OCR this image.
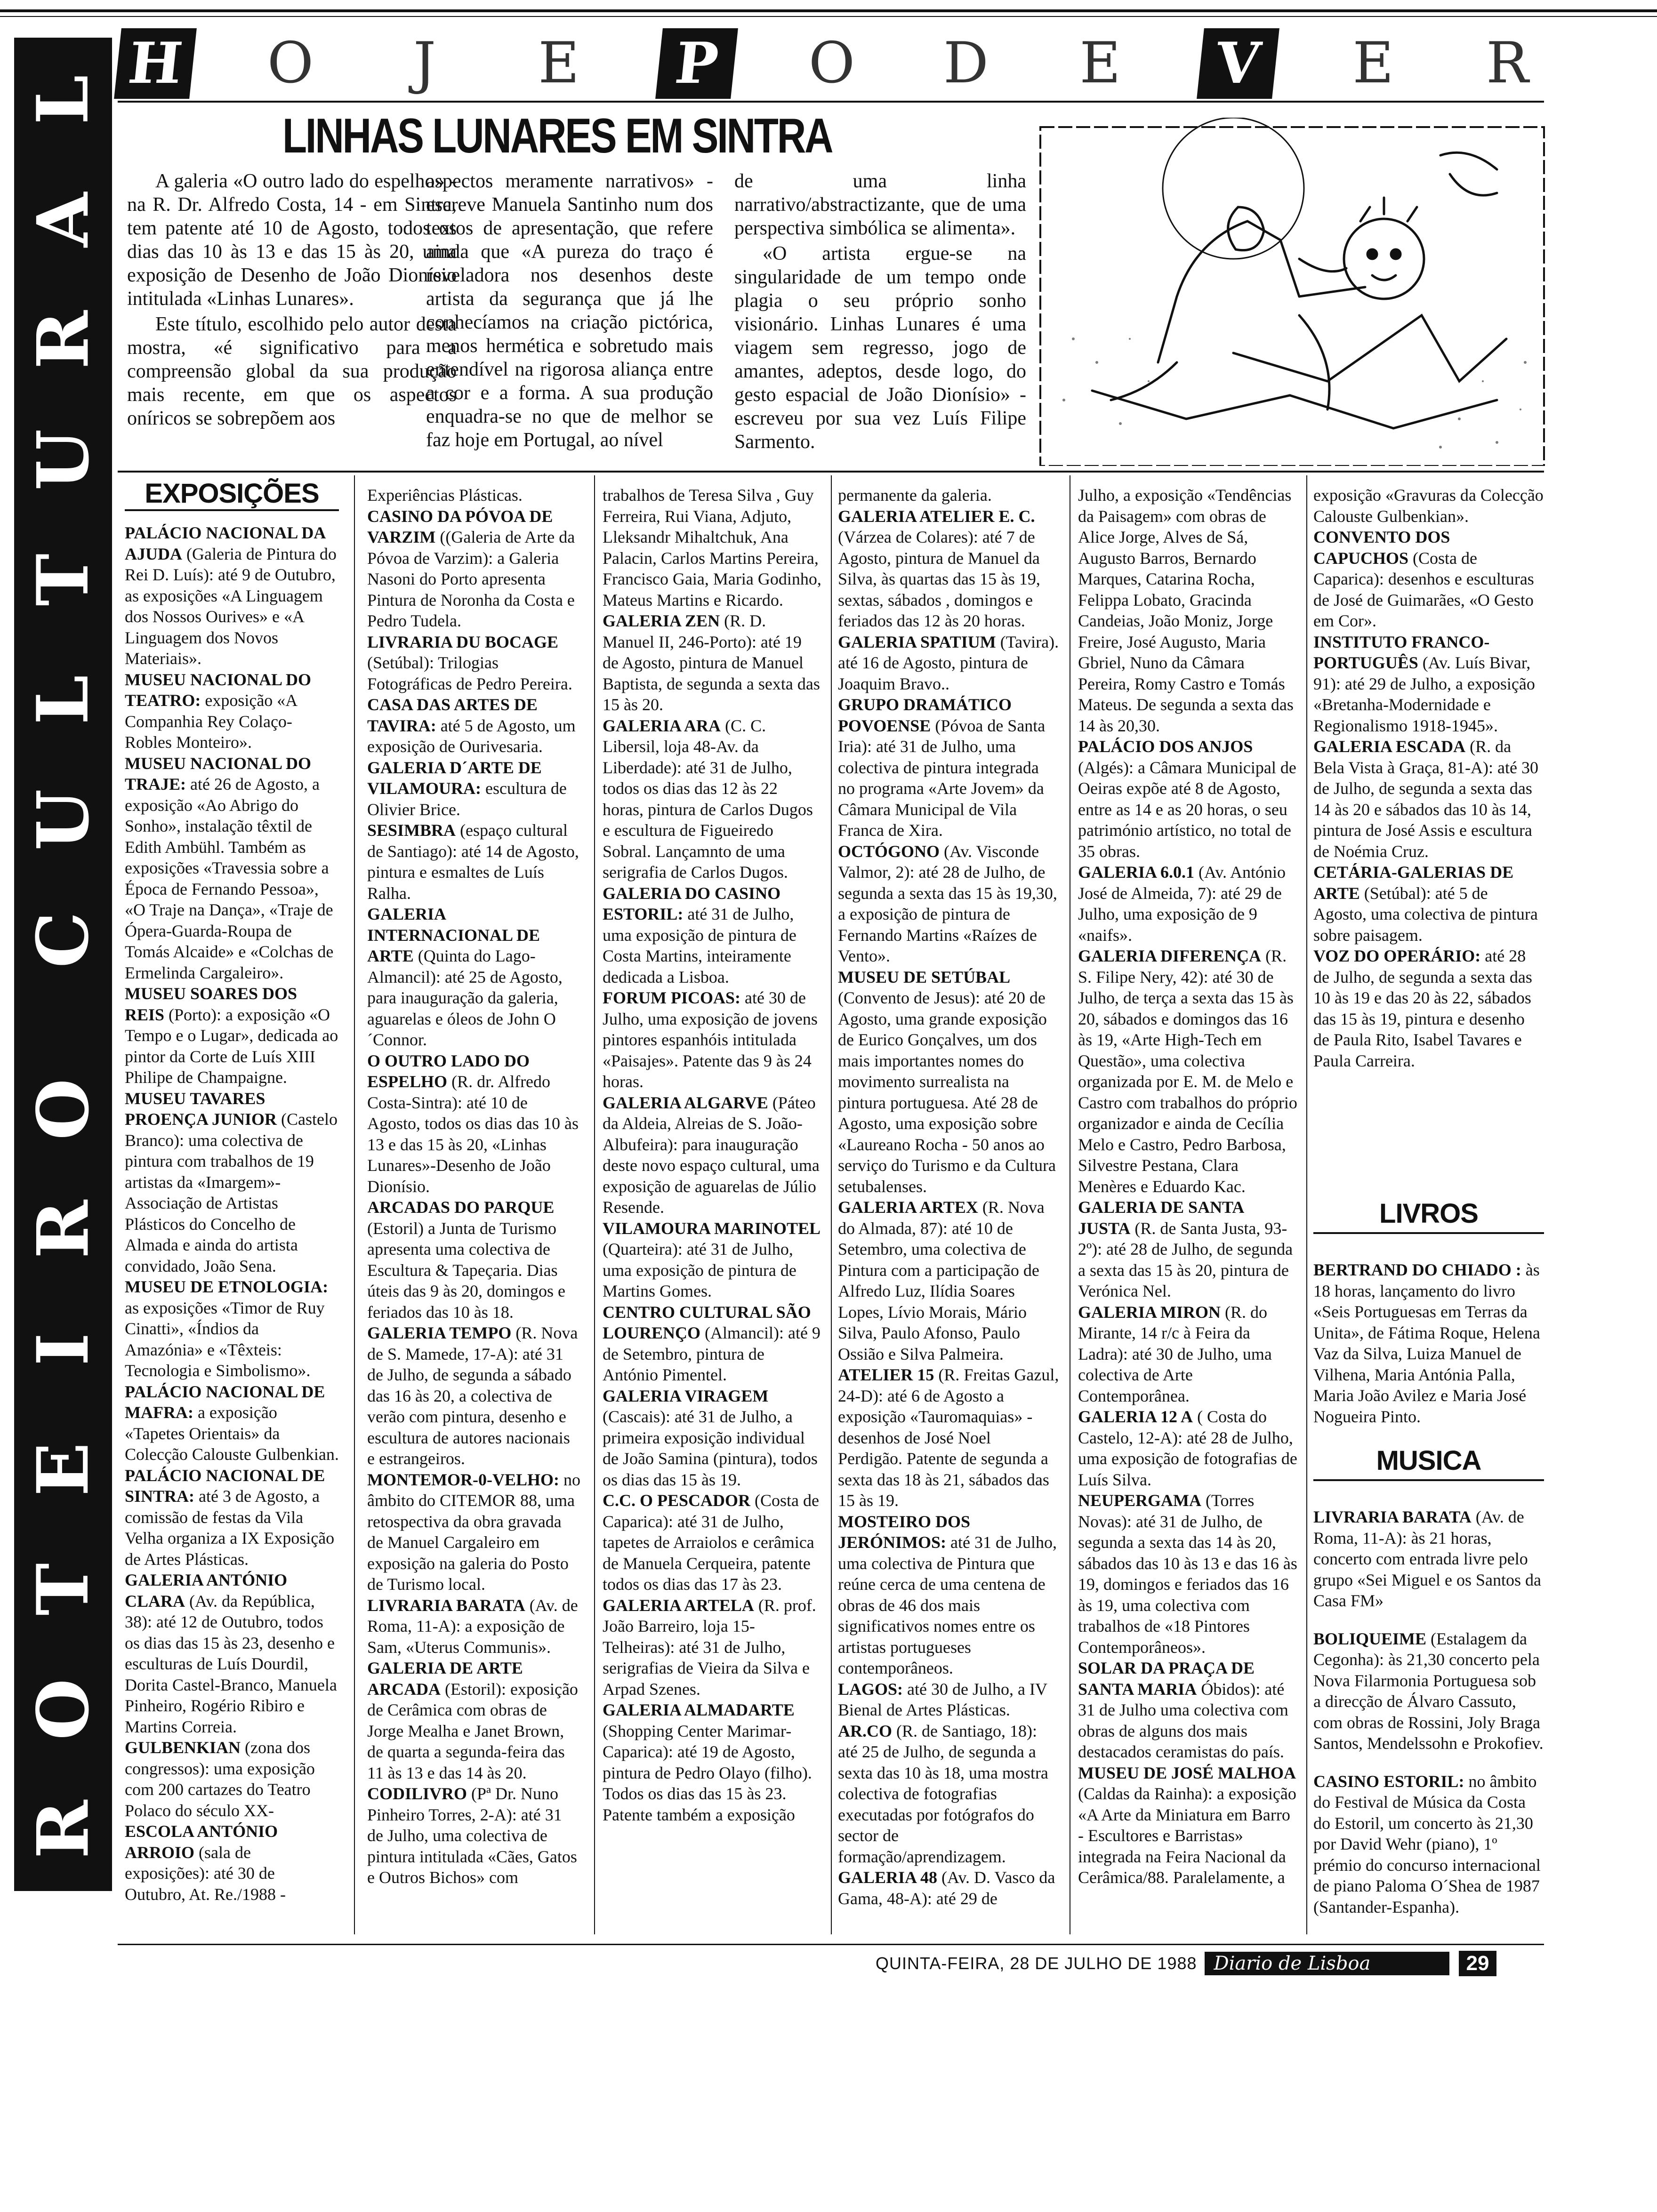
R
O
T
E
I
R
O
C
U
L
T
U
R
A
L
H O	J	E P O D E V E R
LINHAS LUNARES EM SINTRA

A galeria «O outro lado do espelho» - na R. Dr. Alfredo Costa, 14 - em Sintra, tem patente até 10 de Agosto, todos os dias das 10 às 13 e das 15 às 20, uma exposição de Desenho de João Dionísio intitulada «Linhas Lunares».

Este título, escolhido pelo autor desta mostra, «é significativo para a compreensão global da sua produção mais recente, em que os aspectos oníricos se sobrepõem aos

aspectos meramente narrativos» - escreve Manuela Santinho num dos textos de apresentação, que refere ainda que «A pureza do traço é reveladora nos desenhos deste artista da segurança que já lhe conhecíamos na criação pictórica, menos hermética e sobretudo mais entendível na rigorosa aliança entre a cor e a forma. A sua produção enquadra-se no que de melhor se faz hoje em Portugal, ao nível

de uma linha narrativo/abstractizante, que de uma perspectiva simbólica se alimenta».

«O artista ergue-se na singularidade de um tempo onde plagia o seu próprio sonho visionário. Linhas Lunares é uma viagem sem regresso, jogo de amantes, adeptos, desde logo, do gesto espacial de João Dionísio» - escreveu por sua vez Luís Filipe Sarmento.

EXPOSIÇÕES
LIVROS
MUSICA

PALÁCIO NACIONAL DA AJUDA (Galeria de Pintura do Rei D. Luís): até 9 de Outubro, as exposições «A Linguagem dos Nossos Ourives» e «A Linguagem dos Novos Materiais».

MUSEU NACIONAL DO TEATRO: exposição «A Companhia Rey Colaço-Robles Monteiro».

MUSEU NACIONAL DO TRAJE: até 26 de Agosto, a exposição «Ao Abrigo do Sonho», instalação têxtil de Edith Ambühl. Também as exposições «Travessia sobre a Época de Fernando Pessoa», «O Traje na Dança», «Traje de Ópera-Guarda-Roupa de Tomás Alcaide» e «Colchas de Ermelinda Cargaleiro».

MUSEU SOARES DOS REIS (Porto): a exposição «O Tempo e o Lugar», dedicada ao pintor da Corte de Luís XIII Philipe de Champaigne.

MUSEU TAVARES PROENÇA JUNIOR (Castelo Branco): uma colectiva de pintura com trabalhos de 19 artistas da «Imargem»-Associação de Artistas Plásticos do Concelho de Almada e ainda do artista convidado, João Sena.

MUSEU DE ETNOLOGIA: as exposições «Timor de Ruy Cinatti», «Índios da Amazónia» e «Têxteis: Tecnologia e Simbolismo».

PALÁCIO NACIONAL DE MAFRA: a exposição «Tapetes Orientais» da Colecção Calouste Gulbenkian.

PALÁCIO NACIONAL DE SINTRA: até 3 de Agosto, a comissão de festas da Vila Velha organiza a IX Exposição de Artes Plásticas.

GALERIA ANTÓNIO CLARA (Av. da República, 38): até 12 de Outubro, todos os dias das 15 às 23, desenho e esculturas de Luís Dourdil, Dorita Castel-Branco, Manuela Pinheiro, Rogério Ribiro e Martins Correia.

GULBENKIAN (zona dos congressos): uma exposição com 200 cartazes do Teatro Polaco do século XX-

ESCOLA ANTÓNIO ARROIO (sala de exposições): até 30 de Outubro, At. Re./1988 -

Experiências Plásticas.

CASINO DA PÓVOA DE VARZIM ((Galeria de Arte da Póvoa de Varzim): a Galeria Nasoni do Porto apresenta Pintura de Noronha da Costa e Pedro Tudela.

LIVRARIA DU BOCAGE (Setúbal): Trilogias Fotográficas de Pedro Pereira.

CASA DAS ARTES DE TAVIRA: até 5 de Agosto, um exposição de Ourivesaria.

GALERIA D´ARTE DE VILAMOURA: escultura de Olivier Brice.

SESIMBRA (espaço cultural de Santiago): até 14 de Agosto, pintura e esmaltes de Luís Ralha.

GALERIA INTERNACIONAL DE ARTE (Quinta do Lago-Almancil): até 25 de Agosto, para inauguração da galeria, aguarelas e óleos de John O´Connor.

O OUTRO LADO DO ESPELHO (R. dr. Alfredo Costa-Sintra): até 10 de Agosto, todos os dias das 10 às 13 e das 15 às 20, «Linhas Lunares»-Desenho de João Dionísio.

ARCADAS DO PARQUE (Estoril) a Junta de Turismo apresenta uma colectiva de Escultura & Tapeçaria. Dias úteis das 9 às 20, domingos e feriados das 10 às 18.

GALERIA TEMPO (R. Nova de S. Mamede, 17-A): até 31 de Julho, de segunda a sábado das 16 às 20, a colectiva de verão com pintura, desenho e escultura de autores nacionais e estrangeiros.

MONTEMOR-0-VELHO: no âmbito do CITEMOR 88, uma retospectiva da obra gravada de Manuel Cargaleiro em exposição na galeria do Posto de Turismo local.

LIVRARIA BARATA (Av. de Roma, 11-A): a exposição de Sam, «Uterus Communis».

GALERIA DE ARTE ARCADA (Estoril): exposição de Cerâmica com obras de Jorge Mealha e Janet Brown, de quarta a segunda-feira das 11 às 13 e das 14 às 20.

CODILIVRO (Pª Dr. Nuno Pinheiro Torres, 2-A): até 31 de Julho, uma colectiva de pintura intitulada «Cães, Gatos e Outros Bichos» com

trabalhos de Teresa Silva , Guy Ferreira, Rui Viana, Adjuto, Lleksandr Mihaltchuk, Ana Palacin, Carlos Martins Pereira, Francisco Gaia, Maria Godinho, Mateus Martins e Ricardo.

GALERIA ZEN (R. D. Manuel II, 246-Porto): até 19 de Agosto, pintura de Manuel Baptista, de segunda a sexta das 15 às 20.

GALERIA ARA (C. C. Libersil, loja 48-Av. da Liberdade): até 31 de Julho, todos os dias das 12 às 22 horas, pintura de Carlos Dugos e escultura de Figueiredo Sobral. Lançamnto de uma serigrafia de Carlos Dugos.

GALERIA DO CASINO ESTORIL: até 31 de Julho, uma exposição de pintura de Costa Martins, inteiramente dedicada a Lisboa.

FORUM PICOAS: até 30 de Julho, uma exposição de jovens pintores espanhóis intitulada «Paisajes». Patente das 9 às 24 horas.

GALERIA ALGARVE (Páteo da Aldeia, Alreias de S. João-Albufeira): para inauguração deste novo espaço cultural, uma exposição de aguarelas de Júlio Resende.

VILAMOURA MARINOTEL (Quarteira): até 31 de Julho, uma exposição de pintura de Martins Gomes.

CENTRO CULTURAL SÃO LOURENÇO (Almancil): até 9 de Setembro, pintura de António Pimentel.

GALERIA VIRAGEM (Cascais): até 31 de Julho, a primeira exposição individual de João Samina (pintura), todos os dias das 15 às 19.

C.C. O PESCADOR (Costa de Caparica): até 31 de Julho, tapetes de Arraiolos e cerâmica de Manuela Cerqueira, patente todos os dias das 17 às 23.

GALERIA ARTELA (R. prof. João Barreiro, loja 15-Telheiras): até 31 de Julho, serigrafias de Vieira da Silva e Arpad Szenes.

GALERIA ALMADARTE (Shopping Center Marimar-Caparica): até 19 de Agosto, pintura de Pedro Olayo (filho). Todos os dias das 15 às 23. Patente também a exposição

permanente da galeria.

GALERIA ATELIER E. C. (Várzea de Colares): até 7 de Agosto, pintura de Manuel da Silva, às quartas das 15 às 19, sextas, sábados , domingos e feriados das 12 às 20 horas.

GALERIA SPATIUM (Tavira). até 16 de Agosto, pintura de Joaquim Bravo..

GRUPO DRAMÁTICO POVOENSE (Póvoa de Santa Iria): até 31 de Julho, uma colectiva de pintura integrada no programa «Arte Jovem» da Câmara Municipal de Vila Franca de Xira.

OCTÓGONO (Av. Visconde Valmor, 2): até 28 de Julho, de segunda a sexta das 15 às 19,30, a exposição de pintura de Fernando Martins «Raízes de Vento».

MUSEU DE SETÚBAL (Convento de Jesus): até 20 de Agosto, uma grande exposição de Eurico Gonçalves, um dos mais importantes nomes do movimento surrealista na pintura portuguesa. Até 28 de Agosto, uma exposição sobre «Laureano Rocha - 50 anos ao serviço do Turismo e da Cultura setubalenses.

GALERIA ARTEX (R. Nova do Almada, 87): até 10 de Setembro, uma colectiva de Pintura com a participação de Alfredo Luz, Ilídia Soares Lopes, Lívio Morais, Mário Silva, Paulo Afonso, Paulo Ossião e Silva Palmeira.

ATELIER 15 (R. Freitas Gazul, 24-D): até 6 de Agosto a exposição «Tauromaquias» - desenhos de José Noel Perdigão. Patente de segunda a sexta das 18 às 21, sábados das 15 às 19.

MOSTEIRO DOS JERÓNIMOS: até 31 de Julho, uma colectiva de Pintura que reúne cerca de uma centena de obras de 46 dos mais significativos nomes entre os artistas portugueses contemporâneos.

LAGOS: até 30 de Julho, a IV Bienal de Artes Plásticas.

AR.CO (R. de Santiago, 18): até 25 de Julho, de segunda a sexta das 10 às 18, uma mostra colectiva de fotografias executadas por fotógrafos do sector de formação/aprendizagem.

GALERIA 48 (Av. D. Vasco da Gama, 48-A): até 29 de

Julho, a exposição «Tendências da Paisagem» com obras de Alice Jorge, Alves de Sá, Augusto Barros, Bernardo Marques, Catarina Rocha, Felippa Lobato, Gracinda Candeias, João Moniz, Jorge Freire, José Augusto, Maria Gbriel, Nuno da Câmara Pereira, Romy Castro e Tomás Mateus. De segunda a sexta das 14 às 20,30.

PALÁCIO DOS ANJOS (Algés): a Câmara Municipal de Oeiras expõe até 8 de Agosto, entre as 14 e as 20 horas, o seu património artístico, no total de 35 obras.

GALERIA 6.0.1 (Av. António José de Almeida, 7): até 29 de Julho, uma exposição de 9 «naifs».

GALERIA DIFERENÇA (R. S. Filipe Nery, 42): até 30 de Julho, de terça a sexta das 15 às 20, sábados e domingos das 16 às 19, «Arte High-Tech em Questão», uma colectiva organizada por E. M. de Melo e Castro com trabalhos do próprio organizador e ainda de Cecília Melo e Castro, Pedro Barbosa, Silvestre Pestana, Clara Menères e Eduardo Kac.

GALERIA DE SANTA JUSTA (R. de Santa Justa, 93-2º): até 28 de Julho, de segunda a sexta das 15 às 20, pintura de Verónica Nel.

GALERIA MIRON (R. do Mirante, 14 r/c à Feira da Ladra): até 30 de Julho, uma colectiva de Arte Contemporânea.

GALERIA 12 A ( Costa do Castelo, 12-A): até 28 de Julho, uma exposição de fotografias de Luís Silva.

NEUPERGAMA (Torres Novas): até 31 de Julho, de segunda a sexta das 14 às 20, sábados das 10 às 13 e das 16 às 19, domingos e feriados das 16 às 19, uma colectiva com trabalhos de «18 Pintores Contemporâneos».

SOLAR DA PRAÇA DE SANTA MARIA Óbidos): até 31 de Julho uma colectiva com obras de alguns dos mais destacados ceramistas do país.

MUSEU DE JOSÉ MALHOA (Caldas da Rainha): a exposição «A Arte da Miniatura em Barro - Escultores e Barristas» integrada na Feira Nacional da Cerâmica/88. Paralelamente, a

exposição «Gravuras da Colecção Calouste Gulbenkian».

CONVENTO DOS CAPUCHOS (Costa de Caparica): desenhos e esculturas de José de Guimarães, «O Gesto em Cor».

INSTITUTO FRANCO-PORTUGUÊS (Av. Luís Bivar, 91): até 29 de Julho, a exposição «Bretanha-Modernidade e Regionalismo 1918-1945».

GALERIA ESCADA (R. da Bela Vista à Graça, 81-A): até 30 de Julho, de segunda a sexta das 14 às 20 e sábados das 10 às 14, pintura de José Assis e escultura de Noémia Cruz.

CETÁRIA-GALERIAS DE ARTE (Setúbal): até 5 de Agosto, uma colectiva de pintura sobre paisagem.

VOZ DO OPERÁRIO: até 28 de Julho, de segunda a sexta das 10 às 19 e das 20 às 22, sábados das 15 às 19, pintura e desenho de Paula Rito, Isabel Tavares e Paula Carreira.

BERTRAND DO CHIADO : às 18 horas, lançamento do livro «Seis Portuguesas em Terras da Unita», de Fátima Roque, Helena Vaz da Silva, Luiza Manuel de Vilhena, Maria Antónia Palla, Maria João Avilez e Maria José Nogueira Pinto.

LIVRARIA BARATA (Av. de Roma, 11-A): às 21 horas, concerto com entrada livre pelo grupo «Sei Miguel e os Santos da Casa FM»

BOLIQUEIME (Estalagem da Cegonha): às 21,30 concerto pela Nova Filarmonia Portuguesa sob a direcção de Álvaro Cassuto, com obras de Rossini, Joly Braga Santos, Mendelssohn e Prokofiev.

CASINO ESTORIL: no âmbito do Festival de Música da Costa do Estoril, um concerto às 21,30 por David Wehr (piano), 1º prémio do concurso internacional de piano Paloma O´Shea de 1987 (Santander-Espanha).

QUINTA-FEIRA, 28 DE JULHO DE 1988 Diario de Lisboa	29
